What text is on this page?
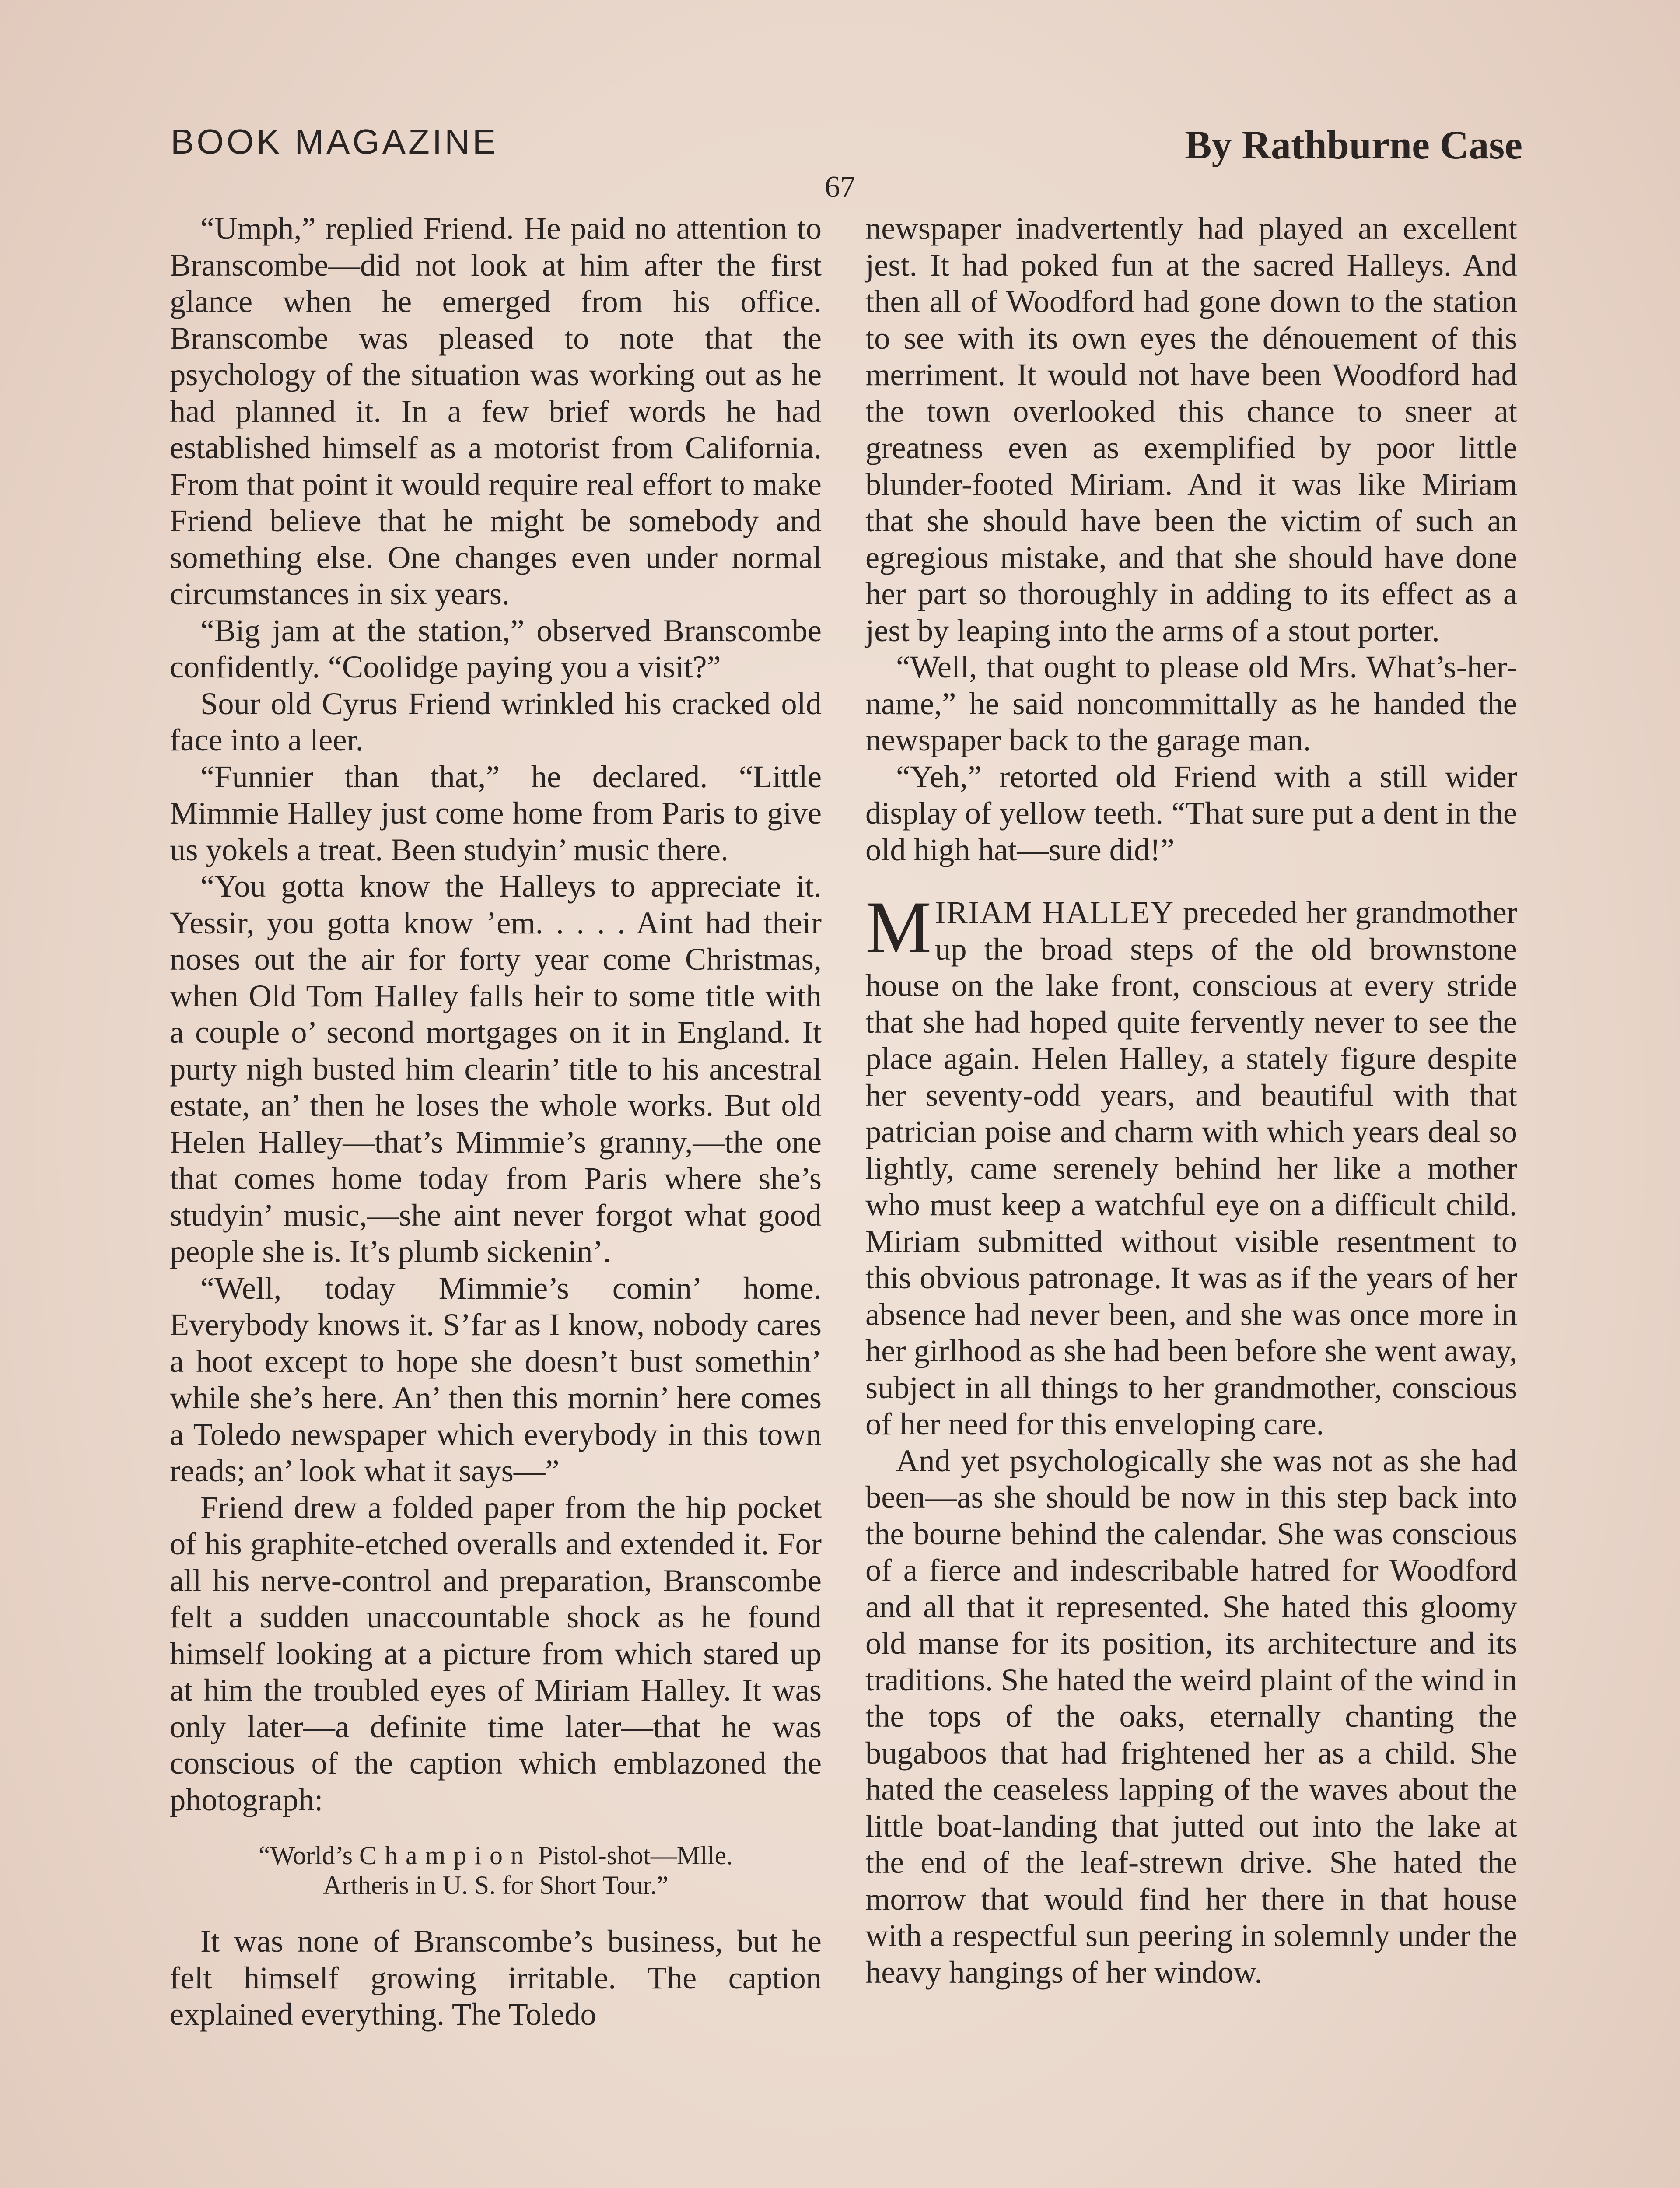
BOOK MAGAZINE	By Rathburne Case
67

“Umph,” replied Friend. He paid no attention to Branscombe—did not look at him after the first glance when he emerged from his office. Branscombe was pleased to note that the psychology of the situation was working out as he had planned it. In a few brief words he had established himself as a motorist from California. From that point it would require real effort to make Friend believe that he might be somebody and something else. One changes even under normal circumstances in six years.

“Big jam at the station,” observed Branscombe confidently. “Coolidge paying you a visit?”

Sour old Cyrus Friend wrinkled his cracked old face into a leer.

“Funnier than that,” he declared. “Little Mimmie Halley just come home from Paris to give us yokels a treat. Been studyin’ music there.

“You gotta know the Halleys to appreciate it. Yessir, you gotta know ’em. . . . . Aint had their noses out the air for forty year come Christmas, when Old Tom Halley falls heir to some title with a couple o’ second mortgages on it in England. It purty nigh busted him clearin’ title to his ancestral estate, an’ then he loses the whole works. But old Helen Halley—that’s Mimmie’s granny,—the one that comes home today from Paris where she’s studyin’ music,—she aint never forgot what good people she is. It’s plumb sickenin’.

“Well, today Mimmie’s comin’ home. Everybody knows it. S’far as I know, nobody cares a hoot except to hope she doesn’t bust somethin’ while she’s here. An’ then this mornin’ here comes a Toledo newspaper which everybody in this town reads; an’ look what it says—”

Friend drew a folded paper from the hip pocket of his graphite-etched overalls and extended it. For all his nerve-control and preparation, Branscombe felt a sudden unaccountable shock as he found himself looking at a picture from which stared up at him the troubled eyes of Miriam Halley. It was only later—a definite time later—that he was conscious of the caption which emblazoned the photograph:

“World’s Champion Pistol-shot—Mlle.
Artheris in U. S. for Short Tour.”

It was none of Branscombe’s business, but he felt himself growing irritable. The caption explained everything. The Toledo

newspaper inadvertently had played an excellent jest. It had poked fun at the sacred Halleys. And then all of Woodford had gone down to the station to see with its own eyes the dénouement of this merriment. It would not have been Woodford had the town overlooked this chance to sneer at greatness even as exemplified by poor little blunder-footed Miriam. And it was like Miriam that she should have been the victim of such an egregious mistake, and that she should have done her part so thoroughly in adding to its effect as a jest by leaping into the arms of a stout porter.

“Well, that ought to please old Mrs. What’s-her-name,” he said noncommittally as he handed the newspaper back to the garage man.

“Yeh,” retorted old Friend with a still wider display of yellow teeth. “That sure put a dent in the old high hat—sure did!”

MIRIAM HALLEY preceded her grandmother up the broad steps of the old brownstone house on the lake front, conscious at every stride that she had hoped quite fervently never to see the place again. Helen Halley, a stately figure despite her seventy-odd years, and beautiful with that patrician poise and charm with which years deal so lightly, came serenely behind her like a mother who must keep a watchful eye on a difficult child. Miriam submitted without visible resentment to this obvious patronage. It was as if the years of her absence had never been, and she was once more in her girlhood as she had been before she went away, subject in all things to her grandmother, conscious of her need for this enveloping care.

And yet psychologically she was not as she had been—as she should be now in this step back into the bourne behind the calendar. She was conscious of a fierce and indescribable hatred for Woodford and all that it represented. She hated this gloomy old manse for its position, its architecture and its traditions. She hated the weird plaint of the wind in the tops of the oaks, eternally chanting the bugaboos that had frightened her as a child. She hated the ceaseless lapping of the waves about the little boat-landing that jutted out into the lake at the end of the leaf-strewn drive. She hated the morrow that would find her there in that house with a respectful sun peering in solemnly under the heavy hangings of her window.
